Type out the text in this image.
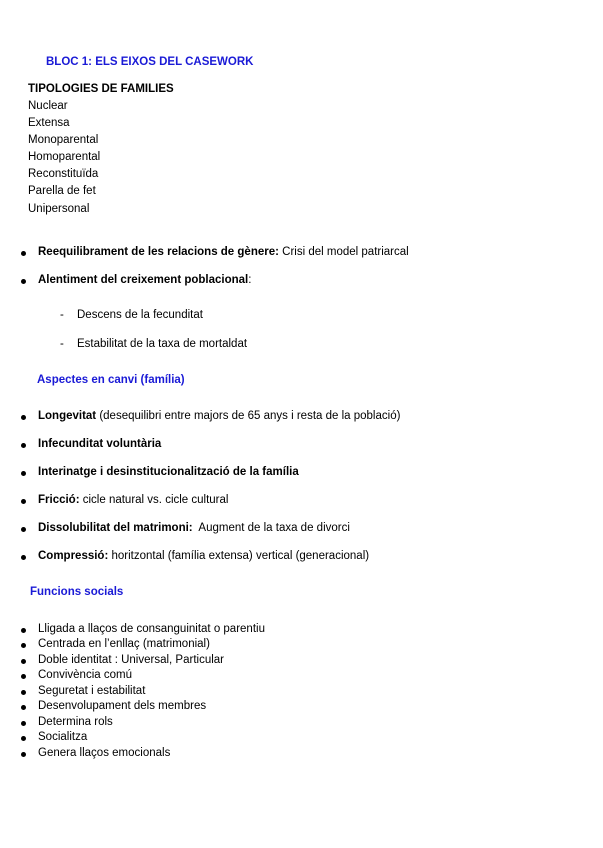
BLOC 1: ELS EIXOS DEL CASEWORK
TIPOLOGIES DE FAMILIES
Nuclear
Extensa
Monoparental
Homoparental
Reconstituïda
Parella de fet
Unipersonal
Reequilibrament de les relacions de gènere: Crisi del model patriarcal
Alentiment del creixement poblacional:
- Descens de la fecunditat
- Estabilitat de la taxa de mortaldat
Aspectes en canvi (família)
Longevitat (desequilibri entre majors de 65 anys i resta de la població)
Infecunditat voluntària
Interinatge i desinstitucionalització de la família
Fricció: cicle natural vs. cicle cultural
Dissolubilitat del matrimoni:  Augment de la taxa de divorci
Compressió: horitzontal (família extensa) vertical (generacional)
Funcions socials
Lligada a llaços de consanguinitat o parentiu
Centrada en l’enllaç (matrimonial)
Doble identitat : Universal, Particular
Convivència comú
Seguretat i estabilitat
Desenvolupament dels membres
Determina rols
Socialitza
Genera llaços emocionals
